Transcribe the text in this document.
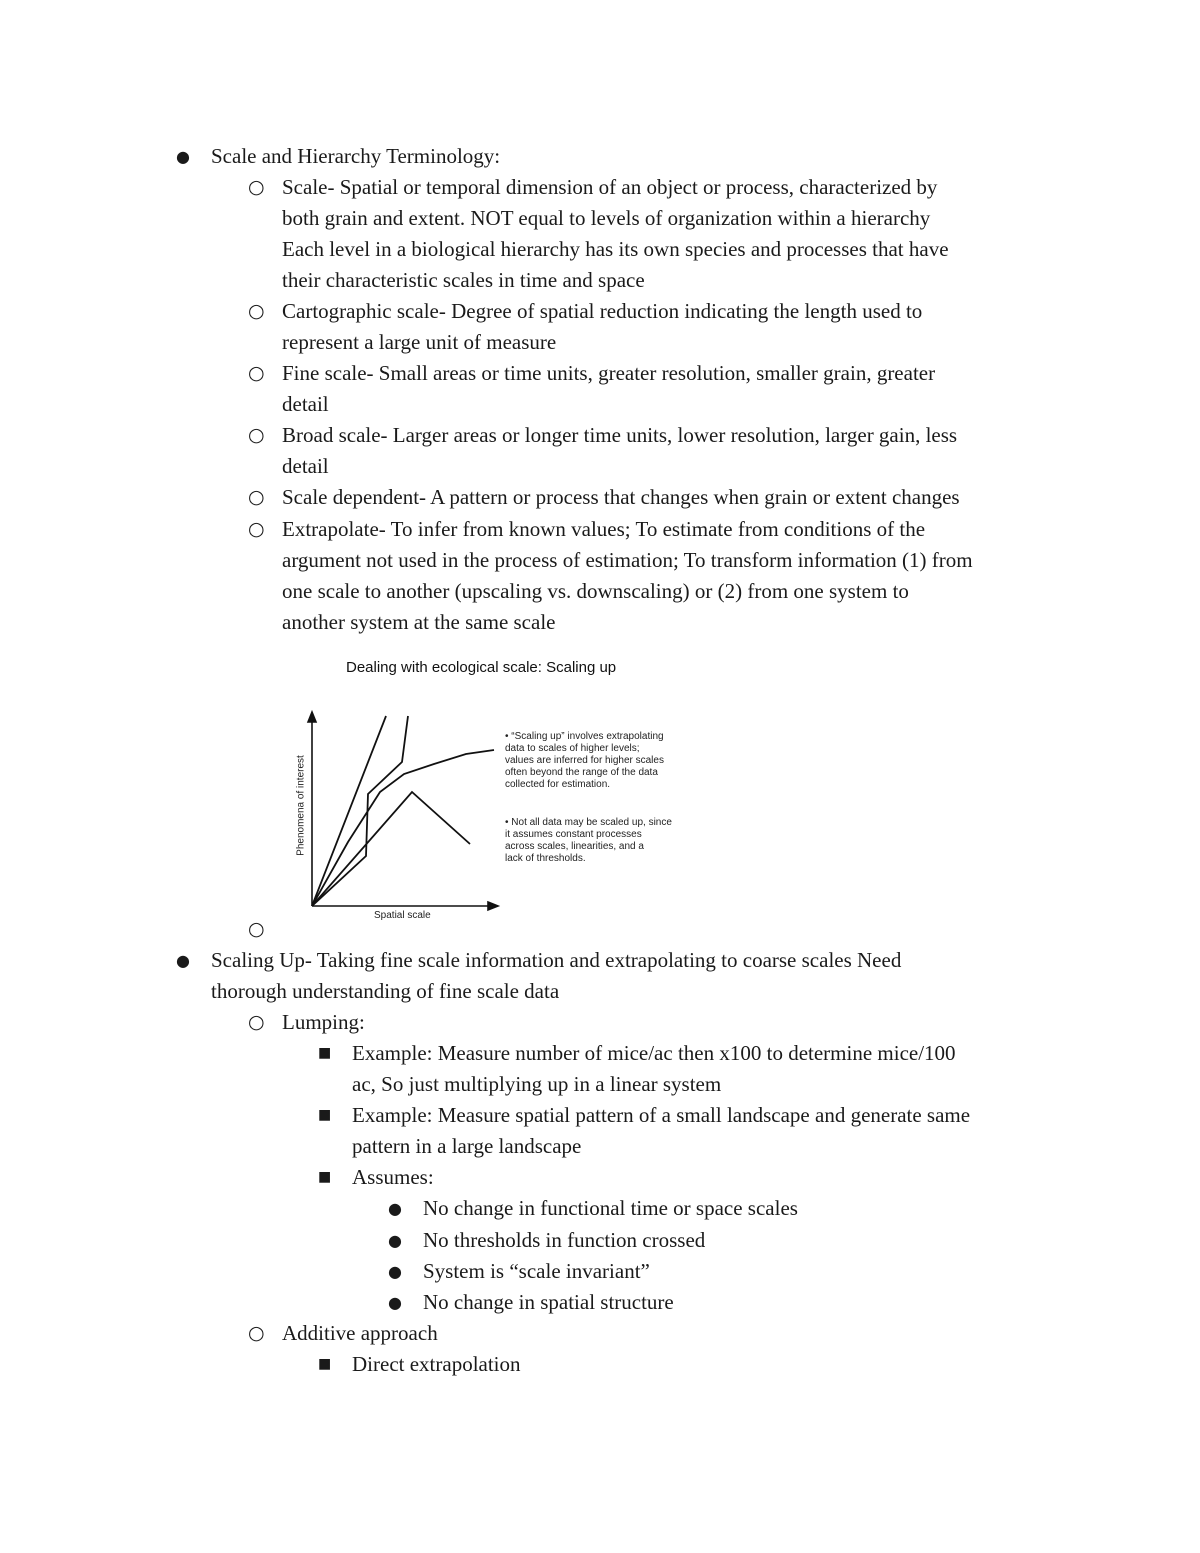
● Scale and Hierarchy Terminology:
○ Scale- Spatial or temporal dimension of an object or process, characterized by
both grain and extent. NOT equal to levels of organization within a hierarchy
Each level in a biological hierarchy has its own species and processes that have
their characteristic scales in time and space
○ Cartographic scale- Degree of spatial reduction indicating the length used to
represent a large unit of measure
○ Fine scale- Small areas or time units, greater resolution, smaller grain, greater
detail
○ Broad scale- Larger areas or longer time units, lower resolution, larger gain, less
detail
○ Scale dependent- A pattern or process that changes when grain or extent changes
○ Extrapolate- To infer from known values; To estimate from conditions of the
argument not used in the process of estimation; To transform information (1) from
one scale to another (upscaling vs. downscaling) or (2) from one system to
another system at the same scale
Dealing with ecological scale: Scaling up
Phenomena of interest
Spatial scale
• “Scaling up” involves extrapolating
data to scales of higher levels;
values are inferred for higher scales
often beyond the range of the data
collected for estimation.
• Not all data may be scaled up, since
it assumes constant processes
across scales, linearities, and a
lack of thresholds.
○
● Scaling Up- Taking fine scale information and extrapolating to coarse scales Need
thorough understanding of fine scale data
○ Lumping:
■ Example: Measure number of mice/ac then x100 to determine mice/100
ac, So just multiplying up in a linear system
■ Example: Measure spatial pattern of a small landscape and generate same
pattern in a large landscape
■ Assumes:
● No change in functional time or space scales
● No thresholds in function crossed
● System is “scale invariant”
● No change in spatial structure
○ Additive approach
■ Direct extrapolation
